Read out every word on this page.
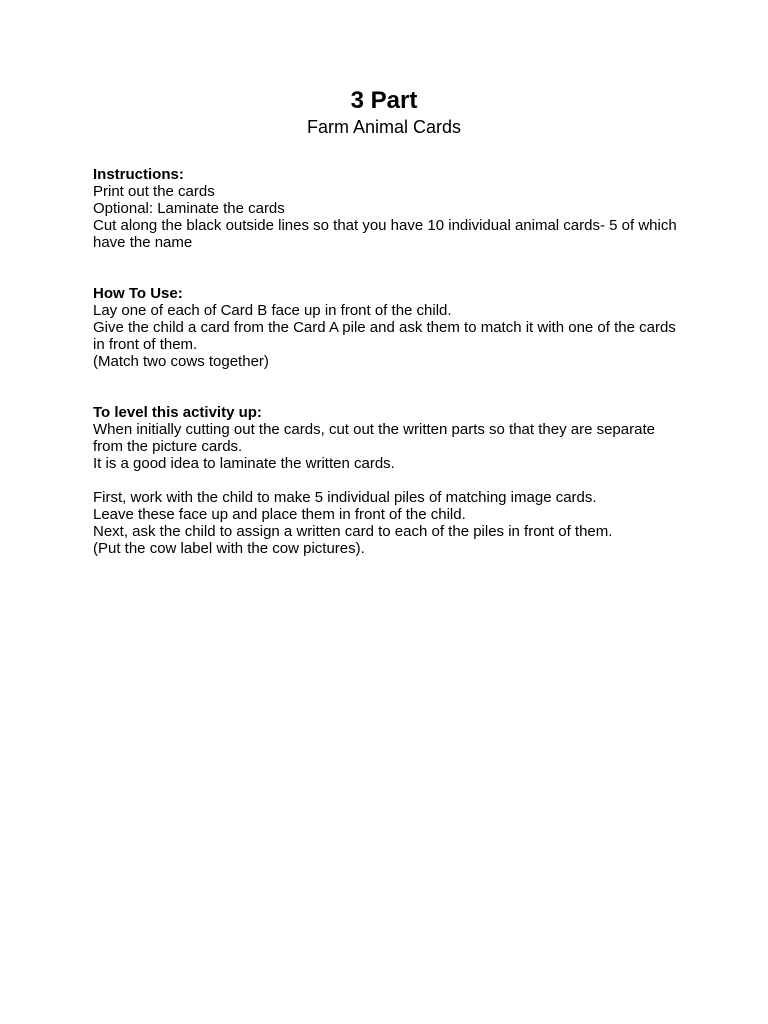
3 Part
Farm Animal Cards
Instructions:
Print out the cards
Optional: Laminate the cards
Cut along the black outside lines so that you have 10 individual animal cards- 5 of which have the name
How To Use:
Lay one of each of Card B face up in front of the child.
Give the child a card from the Card A pile and ask them to match it with one of the cards in front of them.
(Match two cows together)
To level this activity up:
When initially cutting out the cards, cut out the written parts so that they are separate from the picture cards.
It is a good idea to laminate the written cards.
First, work with the child to make 5 individual piles of matching image cards.
Leave these face up and place them in front of the child.
Next, ask the child to assign a written card to each of the piles in front of them.
(Put the cow label with the cow pictures).
